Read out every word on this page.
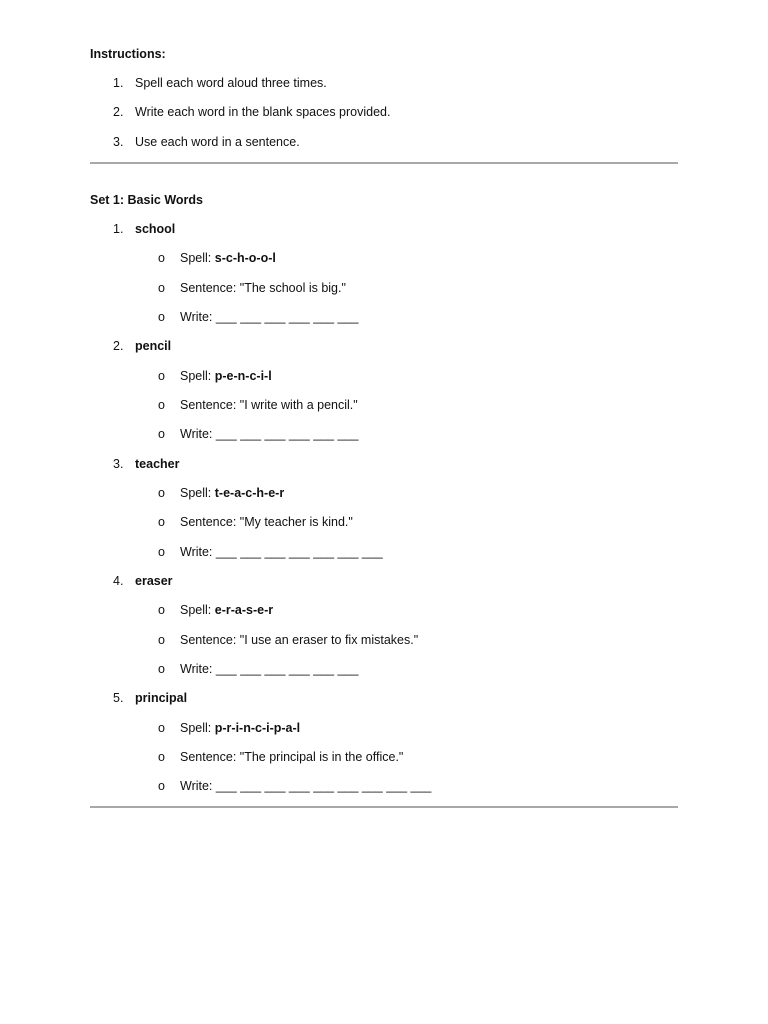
Instructions:
1. Spell each word aloud three times.
2. Write each word in the blank spaces provided.
3. Use each word in a sentence.
Set 1: Basic Words
1. school
o Spell: s-c-h-o-o-l
o Sentence: "The school is big."
o Write: ___ ___ ___ ___ ___ ___
2. pencil
o Spell: p-e-n-c-i-l
o Sentence: "I write with a pencil."
o Write: ___ ___ ___ ___ ___ ___
3. teacher
o Spell: t-e-a-c-h-e-r
o Sentence: "My teacher is kind."
o Write: ___ ___ ___ ___ ___ ___ ___
4. eraser
o Spell: e-r-a-s-e-r
o Sentence: "I use an eraser to fix mistakes."
o Write: ___ ___ ___ ___ ___ ___
5. principal
o Spell: p-r-i-n-c-i-p-a-l
o Sentence: "The principal is in the office."
o Write: ___ ___ ___ ___ ___ ___ ___ ___ ___
